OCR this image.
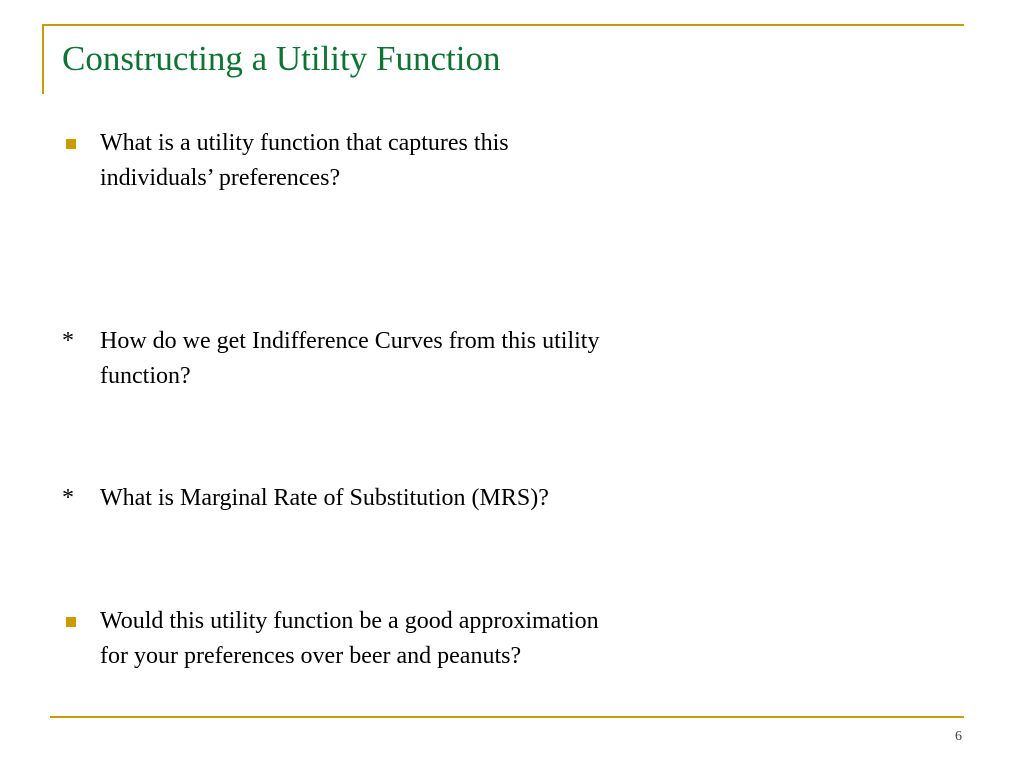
Constructing a Utility Function
What is a utility function that captures this individuals’ preferences?
* How do we get Indifference Curves from this utility function?
* What is Marginal Rate of Substitution (MRS)?
Would this utility function be a good approximation for your preferences over beer and peanuts?
6
